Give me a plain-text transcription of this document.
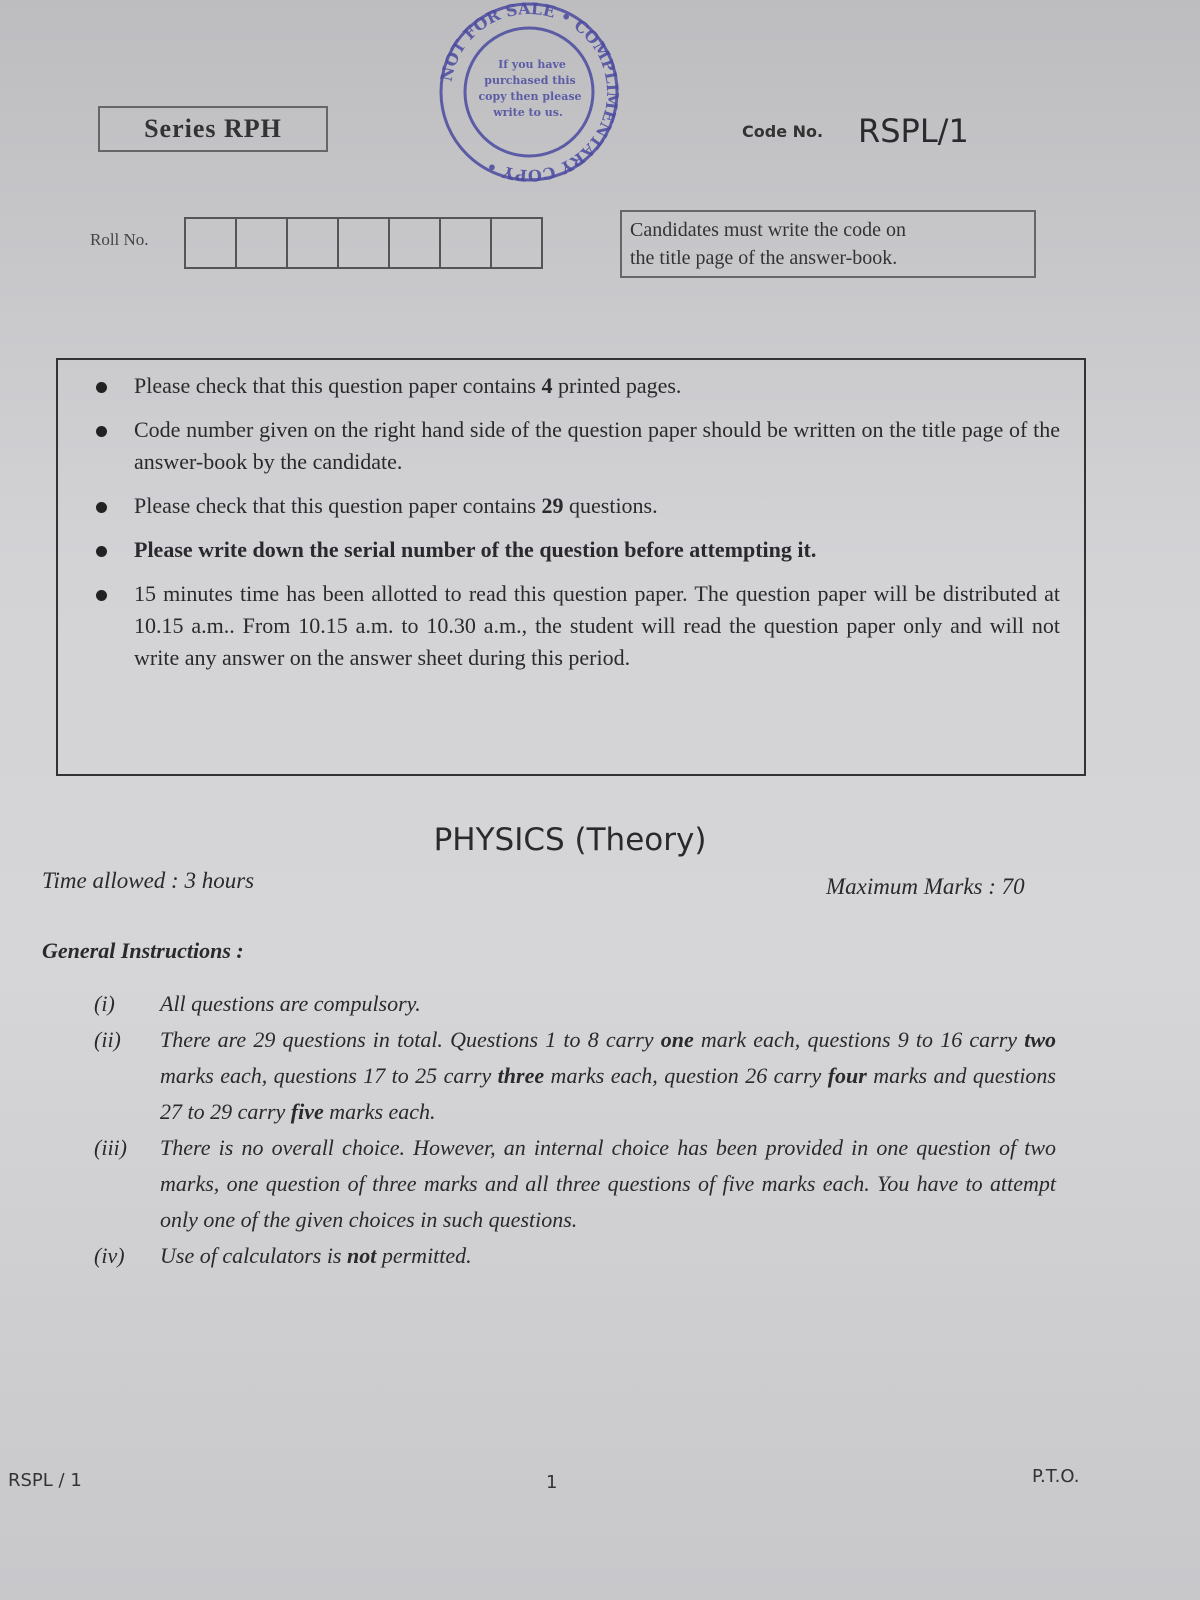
Series RPH
NOT FOR SALE • COMPLIMENTARY COPY •
If you have
purchased this
copy then please
write to us.
Code No. RSPL/1
Roll No.	Candidates must write the code on
the title page of the answer-book.
Please check that this question paper contains 4 printed pages.
Code number given on the right hand side of the question paper should be written on the title page of the answer-book by the candidate.
Please check that this question paper contains 29 questions.
Please write down the serial number of the question before attempting it.
15 minutes time has been allotted to read this question paper. The question paper will be distributed at 10.15 a.m.. From 10.15 a.m. to 10.30 a.m., the student will read the question paper only and will not write any answer on the answer sheet during this period.
PHYSICS (Theory)
Time allowed : 3 hours	Maximum Marks : 70
General Instructions :
(i) All questions are compulsory.
(ii) There are 29 questions in total. Questions 1 to 8 carry one mark each, questions 9 to 16 carry two marks each, questions 17 to 25 carry three marks each, question 26 carry four marks and questions 27 to 29 carry five marks each.
(iii) There is no overall choice. However, an internal choice has been provided in one question of two marks, one question of three marks and all three questions of five marks each. You have to attempt only one of the given choices in such questions.
(iv) Use of calculators is not permitted.
RSPL / 1	1	P.T.O.
